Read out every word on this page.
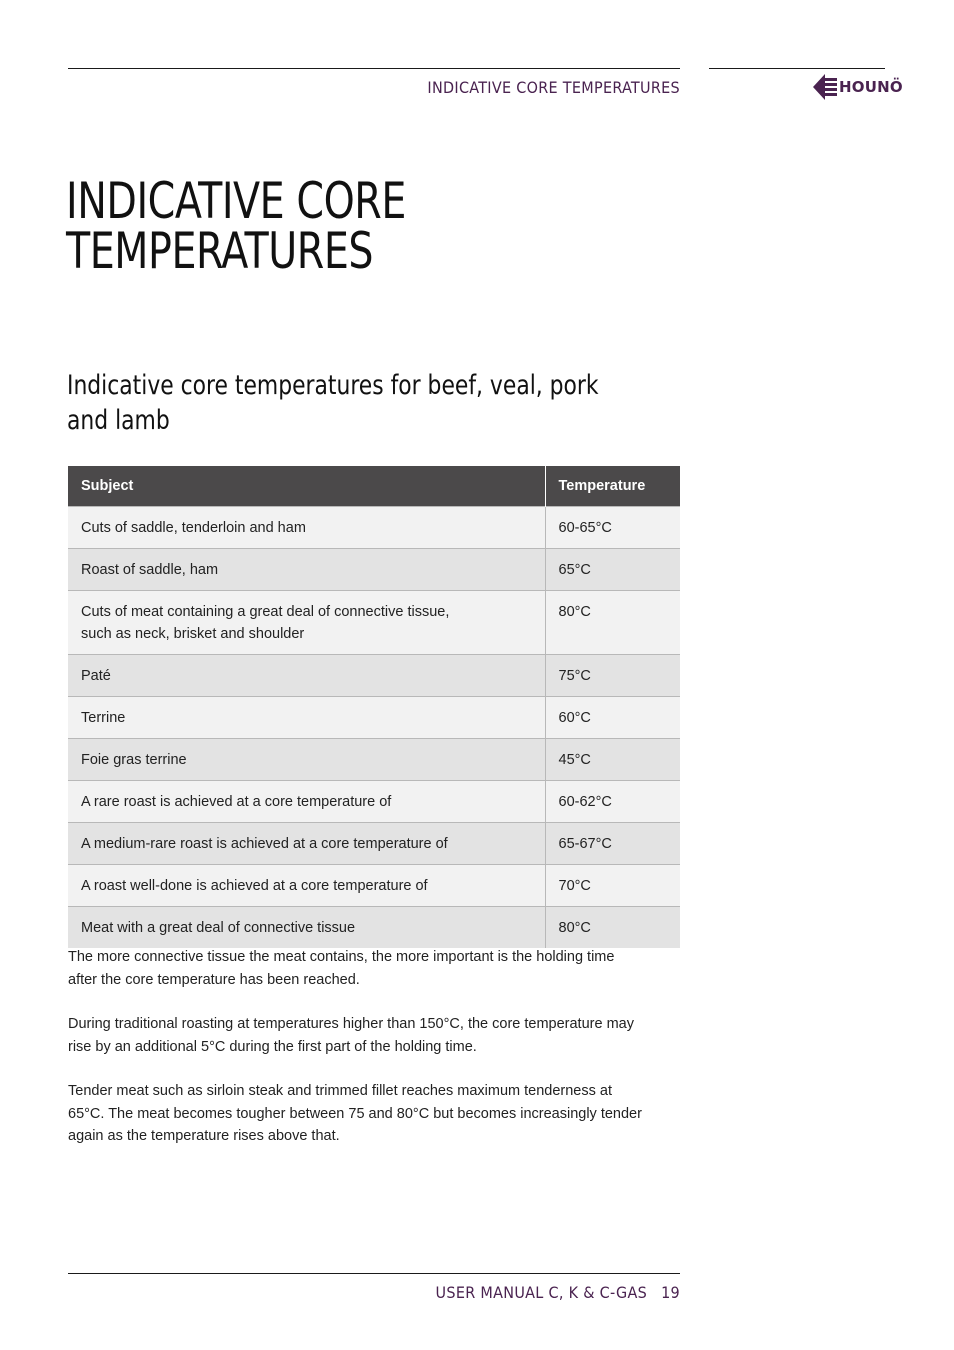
INDICATIVE CORE TEMPERATURES	HOUNÖ
INDICATIVE CORE
TEMPERATURES
Indicative core temperatures for beef, veal, pork and lamb
Subject	Temperature
Cuts of saddle, tenderloin and ham	60-65°C
Roast of saddle, ham	65°C
Cuts of meat containing a great deal of connective tissue,
such as neck, brisket and shoulder	80°C
Paté	75°C
Terrine	60°C
Foie gras terrine	45°C
A rare roast is achieved at a core temperature of	60-62°C
A medium-rare roast is achieved at a core temperature of	65-67°C
A roast well-done is achieved at a core temperature of	70°C
Meat with a great deal of connective tissue	80°C

The more connective tissue the meat contains, the more important is the holding time
after the core temperature has been reached.

During traditional roasting at temperatures higher than 150°C, the core temperature may
rise by an additional 5°C during the first part of the holding time.

Tender meat such as sirloin steak and trimmed fillet reaches maximum tenderness at
65°C. The meat becomes tougher between 75 and 80°C but becomes increasingly tender
again as the temperature rises above that.

USER MANUAL C, K & C-GAS 19
